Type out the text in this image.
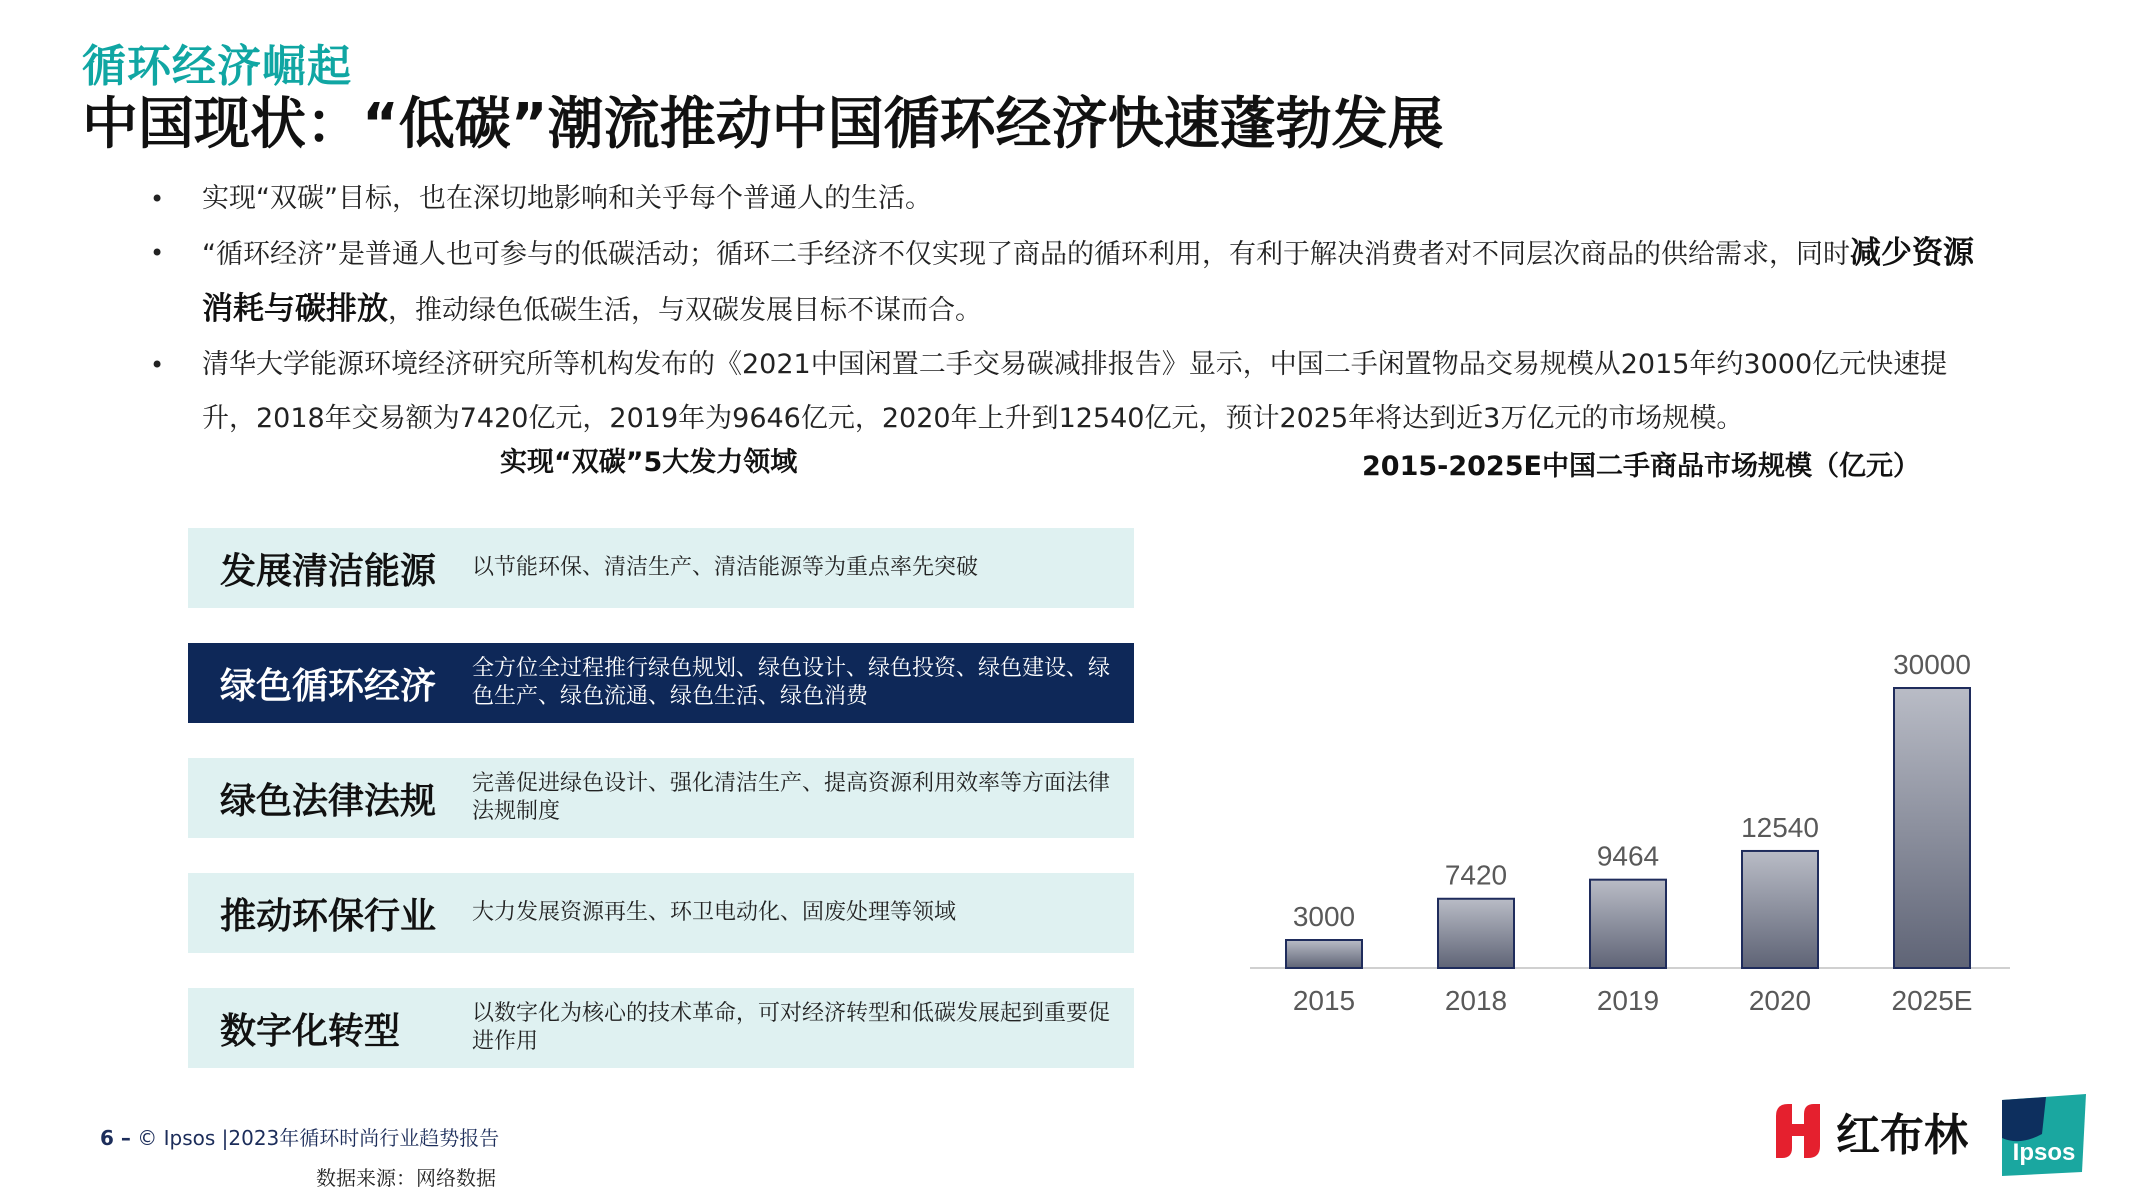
循环经济崛起
中国现状：“低碳”潮流推动中国循环经济快速蓬勃发展
• 实现“双碳”目标，也在深切地影响和关乎每个普通人的生活。
• “循环经济”是普通人也可参与的低碳活动；循环二手经济不仅实现了商品的循环利用，有利于解决消费者对不同层次商品的供给需求，同时减少资源消耗与碳排放，推动绿色低碳生活，与双碳发展目标不谋而合。
• 清华大学能源环境经济研究所等机构发布的《2021中国闲置二手交易碳减排报告》显示，中国二手闲置物品交易规模从2015年约3000亿元快速提升，2018年交易额为7420亿元，2019年为9646亿元，2020年上升到12540亿元，预计2025年将达到近3万亿元的市场规模。
实现“双碳”5大发力领域	2015-2025E中国二手商品市场规模（亿元）
发展清洁能源	以节能环保、清洁生产、清洁能源等为重点率先突破
绿色循环经济	全方位全过程推行绿色规划、绿色设计、绿色投资、绿色建设、绿色生产、绿色流通、绿色生活、绿色消费
绿色法律法规	完善促进绿色设计、强化清洁生产、提高资源利用效率等方面法律法规制度
推动环保行业	大力发展资源再生、环卫电动化、固废处理等领域
数字化转型	以数字化为核心的技术革命，可对经济转型和低碳发展起到重要促进作用
3000
2015
7420
2018
9464
2019
12540
2020
30000
2025E
6 – © Ipsos |2023年循环时尚行业趋势报告
数据来源：网络数据
红布林 Ipsos
